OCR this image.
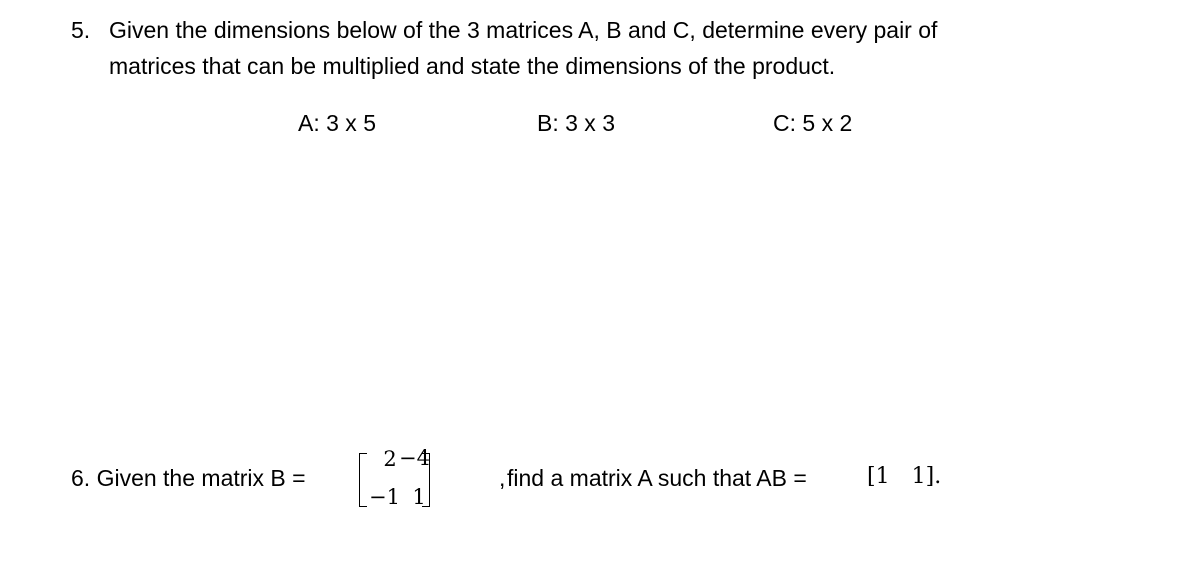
5. Given the dimensions below of the 3 matrices A, B and C, determine every pair of
matrices that can be multiplied and state the dimensions of the product.
A: 3 x 5	B: 3 x 3	C: 5 x 2
6. Given the matrix B =
2 −4
−1 1
, find a matrix A such that AB =	[1 1].
